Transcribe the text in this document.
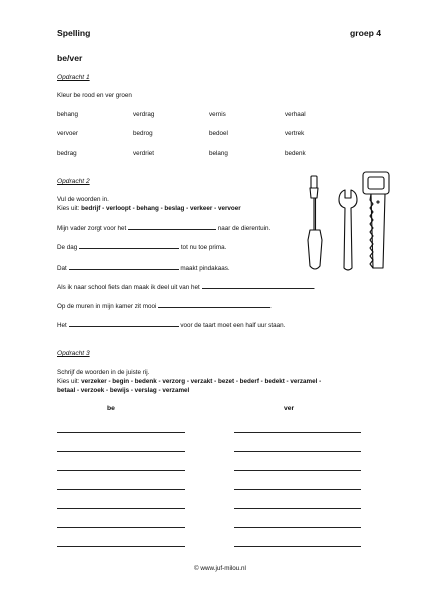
Spelling	groep 4
be/ver
Opdracht 1
Kleur be rood en ver groen
behang	verdrag	vernis	verhaal
vervoer	bedrog	bedoel	vertrek
bedrag	verdriet	belang	bedenk
Opdracht 2
Vul de woorden in.
Kies uit: bedrijf - verloopt - behang - beslag - verkeer - vervoer
Mijn vader zorgt voor het	naar de dierentuin.
De dag	tot nu toe prima.
Dat	maakt pindakaas.
Als ik naar school fiets dan maak ik deel uit van het	.
Op de muren in mijn kamer zit mooi	.
Het	voor de taart moet een half uur staan.
Opdracht 3
Schrijf de woorden in de juiste rij.
Kies uit: verzeker - begin - bedenk - verzorg - verzakt - bezet - bederf - bedekt - verzamel -
betaal - verzoek - bewijs - verslag - verzamel
be	ver
© www.juf-milou.nl
